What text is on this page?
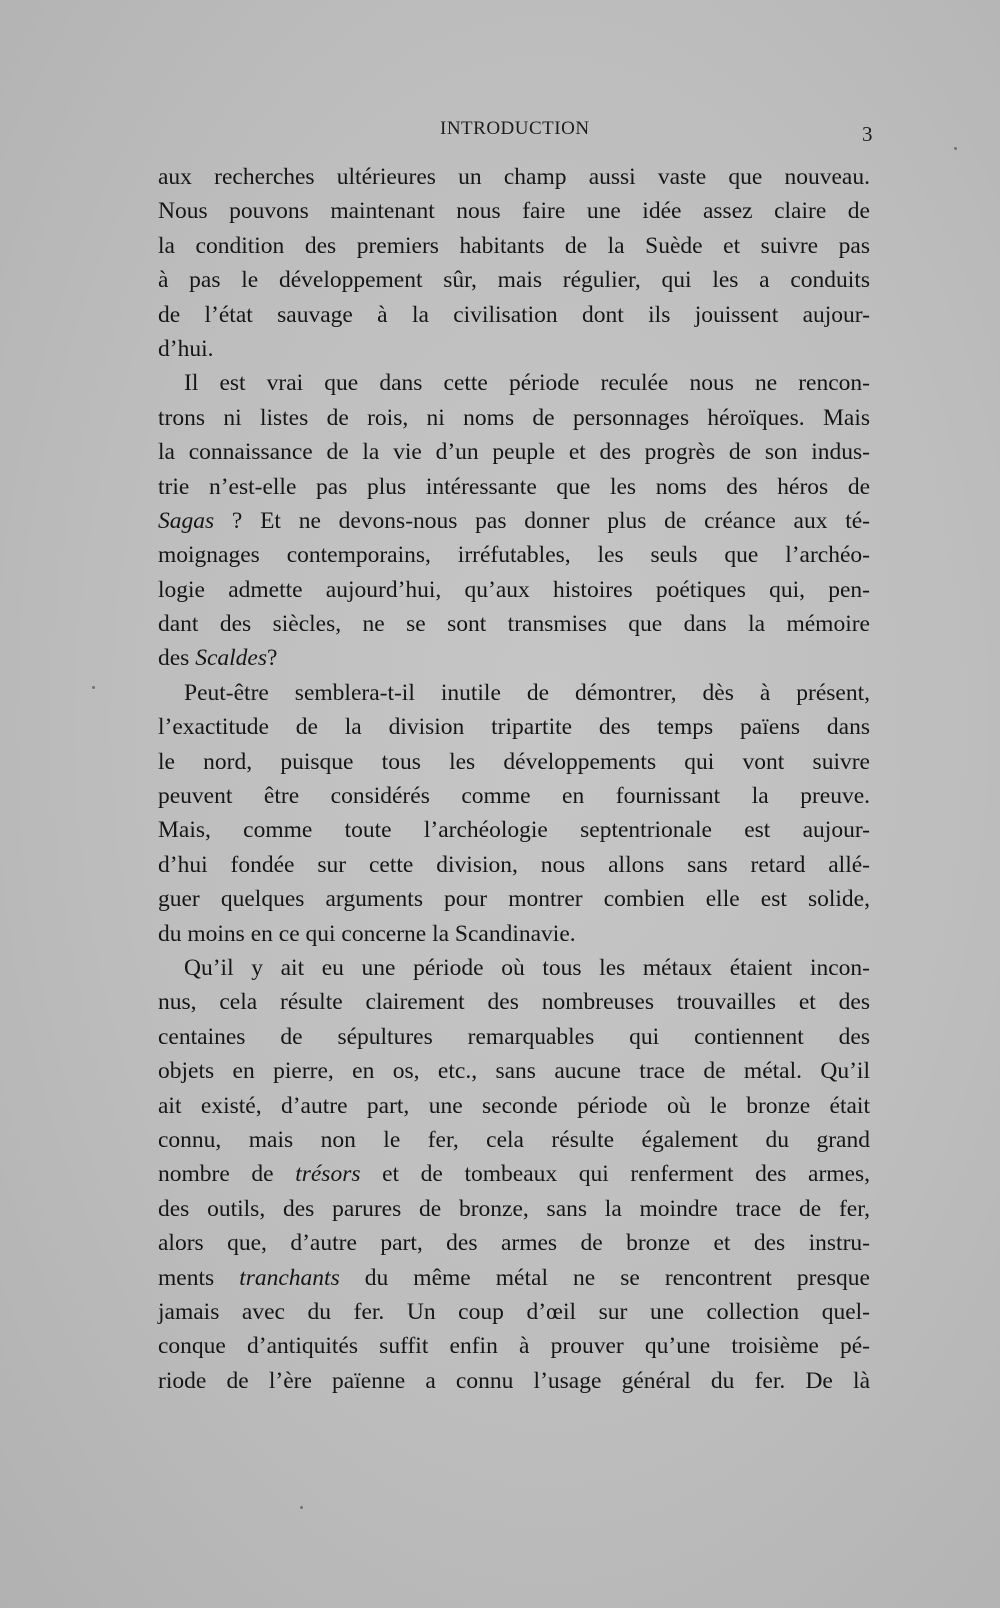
INTRODUCTION	3
aux recherches ultérieures un champ aussi vaste que nouveau.
Nous pouvons maintenant nous faire une idée assez claire de
la condition des premiers habitants de la Suède et suivre pas
à pas le développement sûr, mais régulier, qui les a conduits
de l’état sauvage à la civilisation dont ils jouissent aujour-
d’hui.
Il est vrai que dans cette période reculée nous ne rencon-
trons ni listes de rois, ni noms de personnages héroïques. Mais
la connaissance de la vie d’un peuple et des progrès de son indus-
trie n’est-elle pas plus intéressante que les noms des héros de
Sagas ? Et ne devons-nous pas donner plus de créance aux té-
moignages contemporains, irréfutables, les seuls que l’archéo-
logie admette aujourd’hui, qu’aux histoires poétiques qui, pen-
dant des siècles, ne se sont transmises que dans la mémoire
des Scaldes?
Peut-être semblera-t-il inutile de démontrer, dès à présent,
l’exactitude de la division tripartite des temps païens dans
le nord, puisque tous les développements qui vont suivre
peuvent être considérés comme en fournissant la preuve.
Mais, comme toute l’archéologie septentrionale est aujour-
d’hui fondée sur cette division, nous allons sans retard allé-
guer quelques arguments pour montrer combien elle est solide,
du moins en ce qui concerne la Scandinavie.
Qu’il y ait eu une période où tous les métaux étaient incon-
nus, cela résulte clairement des nombreuses trouvailles et des
centaines de sépultures remarquables qui contiennent des
objets en pierre, en os, etc., sans aucune trace de métal. Qu’il
ait existé, d’autre part, une seconde période où le bronze était
connu, mais non le fer, cela résulte également du grand
nombre de trésors et de tombeaux qui renferment des armes,
des outils, des parures de bronze, sans la moindre trace de fer,
alors que, d’autre part, des armes de bronze et des instru-
ments tranchants du même métal ne se rencontrent presque
jamais avec du fer. Un coup d’œil sur une collection quel-
conque d’antiquités suffit enfin à prouver qu’une troisième pé-
riode de l’ère païenne a connu l’usage général du fer. De là
